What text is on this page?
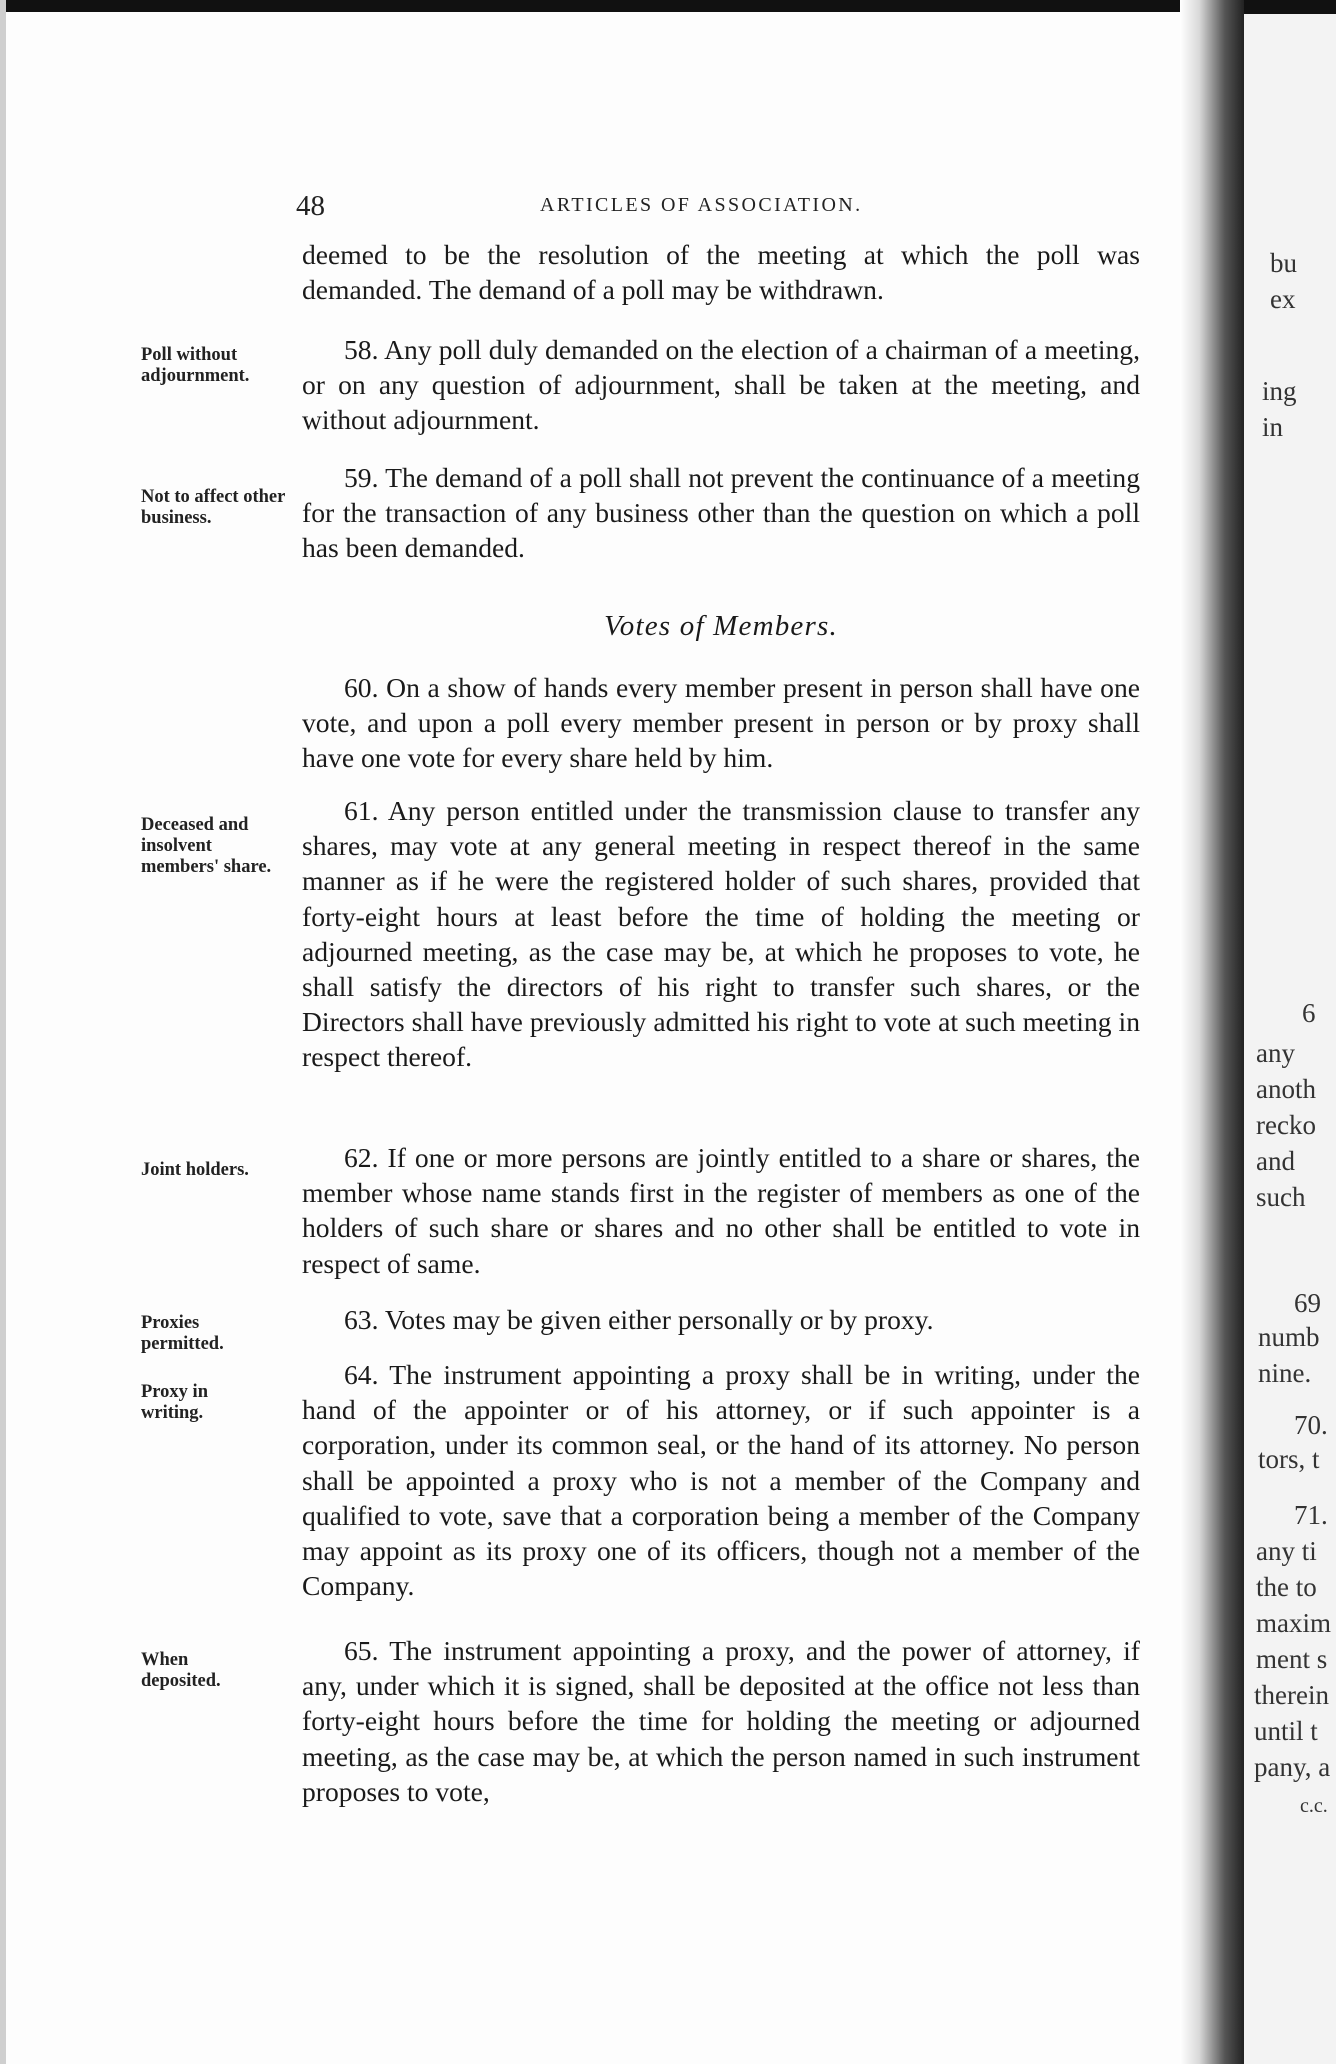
48	ARTICLES OF ASSOCIATION.
Poll without adjournment.
Not to affect other business.
Deceased and insolvent members' share.
Joint holders.
Proxies permitted.
Proxy in writing.
When deposited.
deemed to be the resolution of the meeting at which the poll was demanded. The demand of a poll may be withdrawn.
58. Any poll duly demanded on the election of a chairman of a meeting, or on any question of adjournment, shall be taken at the meeting, and without adjournment.
59. The demand of a poll shall not prevent the continuance of a meeting for the transaction of any business other than the question on which a poll has been demanded.
Votes of Members.
60. On a show of hands every member present in person shall have one vote, and upon a poll every member present in person or by proxy shall have one vote for every share held by him.
61. Any person entitled under the transmission clause to transfer any shares, may vote at any general meeting in respect thereof in the same manner as if he were the registered holder of such shares, provided that forty-eight hours at least before the time of holding the meeting or adjourned meeting, as the case may be, at which he proposes to vote, he shall satisfy the directors of his right to transfer such shares, or the Directors shall have previously admitted his right to vote at such meeting in respect thereof.
62. If one or more persons are jointly entitled to a share or shares, the member whose name stands first in the register of members as one of the holders of such share or shares and no other shall be entitled to vote in respect of same.
63. Votes may be given either personally or by proxy.
64. The instrument appointing a proxy shall be in writing, under the hand of the appointer or of his attorney, or if such appointer is a corporation, under its common seal, or the hand of its attorney. No person shall be appointed a proxy who is not a member of the Company and qualified to vote, save that a corporation being a member of the Company may appoint as its proxy one of its officers, though not a member of the Company.
65. The instrument appointing a proxy, and the power of attorney, if any, under which it is signed, shall be deposited at the office not less than forty-eight hours before the time for holding the meeting or adjourned meeting, as the case may be, at which the person named in such instrument proposes to vote,
bu
ex
ing
in
6
any
anoth
recko
and
such
69
numb
nine.
70.
tors, t
71.
any ti
the to
maxim
ment s
therein
until t
pany, a
c.c.
